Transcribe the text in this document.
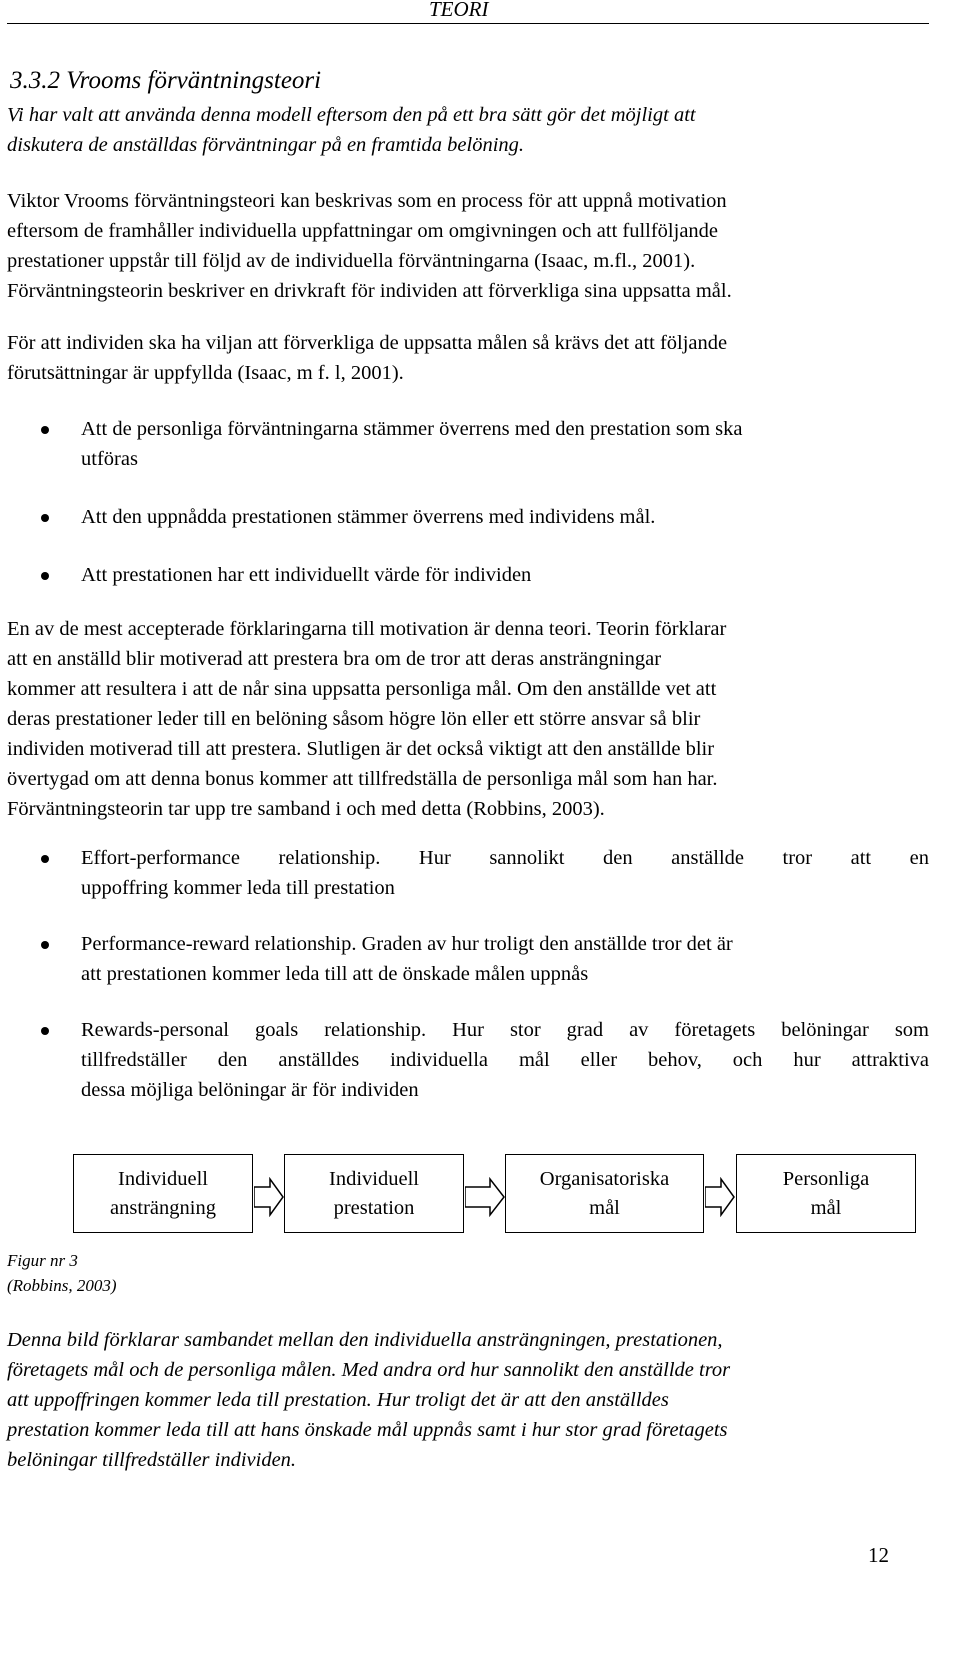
TEORI
3.3.2 Vrooms förväntningsteori

Vi har valt att använda denna modell eftersom den på ett bra sätt gör det möjligt att

diskutera de anställdas förväntningar på en framtida belöning.

Viktor Vrooms förväntningsteori kan beskrivas som en process för att uppnå motivation

eftersom de framhåller individuella uppfattningar om omgivningen och att fullföljande

prestationer uppstår till följd av de individuella förväntningarna (Isaac, m.fl., 2001).

Förväntningsteorin beskriver en drivkraft för individen att förverkliga sina uppsatta mål.

För att individen ska ha viljan att förverkliga de uppsatta målen så krävs det att följande

förutsättningar är uppfyllda (Isaac, m f. l, 2001).

Att de personliga förväntningarna stämmer överrens med den prestation som ska
utföras
Att den uppnådda prestationen stämmer överrens med individens mål.
Att prestationen har ett individuellt värde för individen

En av de mest accepterade förklaringarna till motivation är denna teori. Teorin förklarar

att en anställd blir motiverad att prestera bra om de tror att deras ansträngningar

kommer att resultera i att de når sina uppsatta personliga mål. Om den anställde vet att

deras prestationer leder till en belöning såsom högre lön eller ett större ansvar så blir

individen motiverad till att prestera. Slutligen är det också viktigt att den anställde blir

övertygad om att denna bonus kommer att tillfredställa de personliga mål som han har.

Förväntningsteorin tar upp tre samband i och med detta (Robbins, 2003).

Effort-performance relationship. Hur sannolikt den anställde tror att en
uppoffring kommer leda till prestation
Performance-reward relationship. Graden av hur troligt den anställde tror det är
att prestationen kommer leda till att de önskade målen uppnås
Rewards-personal goals relationship. Hur stor grad av företagets belöningar som
tillfredställer den anställdes individuella mål eller behov, och hur attraktiva
dessa möjliga belöningar är för individen
Individuell
ansträngning
Individuell
prestation
Organisatoriska
mål
Personliga
mål
Figur nr 3
(Robbins, 2003)

Denna bild förklarar sambandet mellan den individuella ansträngningen, prestationen,

företagets mål och de personliga målen. Med andra ord hur sannolikt den anställde tror

att uppoffringen kommer leda till prestation. Hur troligt det är att den anställdes

prestation kommer leda till att hans önskade mål uppnås samt i hur stor grad företagets

belöningar tillfredställer individen.

12
